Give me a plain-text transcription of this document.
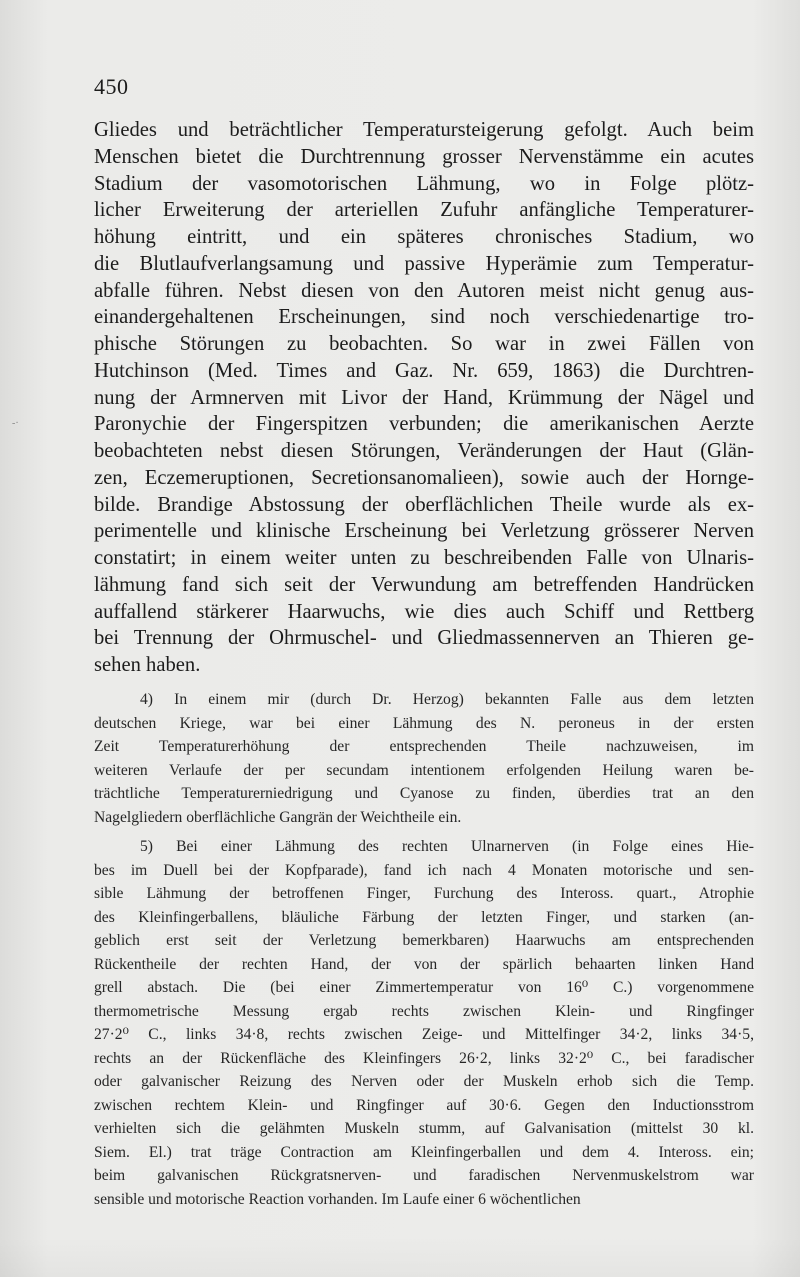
450
-·
Gliedes und beträchtlicher Temperatursteigerung gefolgt. Auch beim
Menschen bietet die Durchtrennung grosser Nervenstämme ein acutes
Stadium der vasomotorischen Lähmung, wo in Folge plötz-
licher Erweiterung der arteriellen Zufuhr anfängliche Temperaturer-
höhung eintritt, und ein späteres chronisches Stadium, wo
die Blutlaufverlangsamung und passive Hyperämie zum Temperatur-
abfalle führen. Nebst diesen von den Autoren meist nicht genug aus-
einandergehaltenen Erscheinungen, sind noch verschiedenartige tro-
phische Störungen zu beobachten. So war in zwei Fällen von
Hutchinson (Med. Times and Gaz. Nr. 659, 1863) die Durchtren-
nung der Armnerven mit Livor der Hand, Krümmung der Nägel und
Paronychie der Fingerspitzen verbunden; die amerikanischen Aerzte
beobachteten nebst diesen Störungen, Veränderungen der Haut (Glän-
zen, Eczemeruptionen, Secretionsanomalieen), sowie auch der Hornge-
bilde. Brandige Abstossung der oberflächlichen Theile wurde als ex-
perimentelle und klinische Erscheinung bei Verletzung grösserer Nerven
constatirt; in einem weiter unten zu beschreibenden Falle von Ulnaris-
lähmung fand sich seit der Verwundung am betreffenden Handrücken
auffallend stärkerer Haarwuchs, wie dies auch Schiff und Rettberg
bei Trennung der Ohrmuschel- und Gliedmassennerven an Thieren ge-
sehen haben.
4) In einem mir (durch Dr. Herzog) bekannten Falle aus dem letzten
deutschen Kriege, war bei einer Lähmung des N. peroneus in der ersten
Zeit Temperaturerhöhung der entsprechenden Theile nachzuweisen, im
weiteren Verlaufe der per secundam intentionem erfolgenden Heilung waren be-
trächtliche Temperaturerniedrigung und Cyanose zu finden, überdies trat an den
Nagelgliedern oberflächliche Gangrän der Weichtheile ein.
5) Bei einer Lähmung des rechten Ulnarnerven (in Folge eines Hie-
bes im Duell bei der Kopfparade), fand ich nach 4 Monaten motorische und sen-
sible Lähmung der betroffenen Finger, Furchung des Inteross. quart., Atrophie
des Kleinfingerballens, bläuliche Färbung der letzten Finger, und starken (an-
geblich erst seit der Verletzung bemerkbaren) Haarwuchs am entsprechenden
Rückentheile der rechten Hand, der von der spärlich behaarten linken Hand
grell abstach. Die (bei einer Zimmertemperatur von 16⁰ C.) vorgenommene
thermometrische Messung ergab rechts zwischen Klein- und Ringfinger
27·2⁰ C., links 34·8, rechts zwischen Zeige- und Mittelfinger 34·2, links 34·5,
rechts an der Rückenfläche des Kleinfingers 26·2, links 32·2⁰ C., bei faradischer
oder galvanischer Reizung des Nerven oder der Muskeln erhob sich die Temp.
zwischen rechtem Klein- und Ringfinger auf 30·6. Gegen den Inductionsstrom
verhielten sich die gelähmten Muskeln stumm, auf Galvanisation (mittelst 30 kl.
Siem. El.) trat träge Contraction am Kleinfingerballen und dem 4. Inteross. ein;
beim galvanischen Rückgratsnerven- und faradischen Nervenmuskelstrom war
sensible und motorische Reaction vorhanden. Im Laufe einer 6 wöchentlichen
